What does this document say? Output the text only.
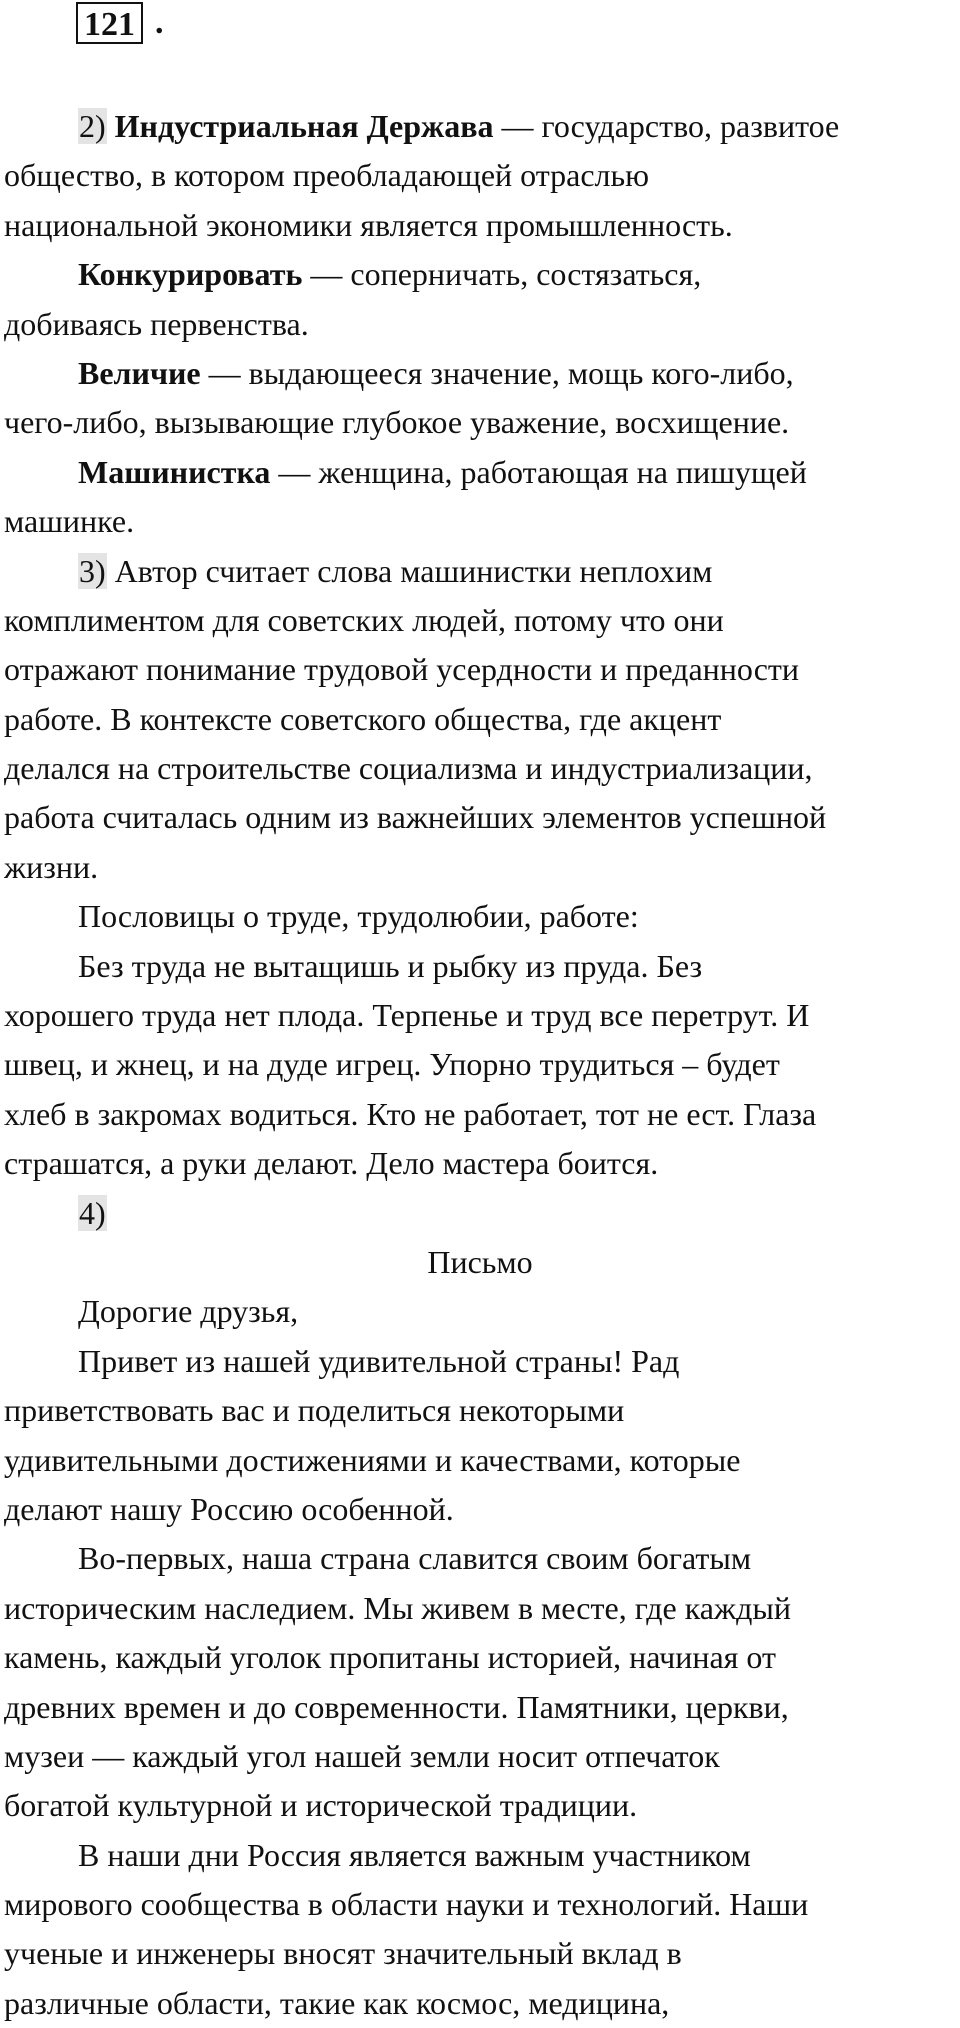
121 .
2) Индустриальная Держава — государство, развитое
общество, в котором преобладающей отраслью
национальной экономики является промышленность.
Конкурировать — соперничать, состязаться,
добиваясь первенства.
Величие — выдающееся значение, мощь кого-либо,
чего-либо, вызывающие глубокое уважение, восхищение.
Машинистка — женщина, работающая на пишущей
машинке.
3) Автор считает слова машинистки неплохим
комплиментом для советских людей, потому что они
отражают понимание трудовой усердности и преданности
работе. В контексте советского общества, где акцент
делался на строительстве социализма и индустриализации,
работа считалась одним из важнейших элементов успешной
жизни.
Пословицы о труде, трудолюбии, работе:
Без труда не вытащишь и рыбку из пруда. Без
хорошего труда нет плода. Терпенье и труд все перетрут. И
швец, и жнец, и на дуде игрец. Упорно трудиться – будет
хлеб в закромах водиться. Кто не работает, тот не ест. Глаза
страшатся, а руки делают. Дело мастера боится.
4)
Письмо
Дорогие друзья,
Привет из нашей удивительной страны! Рад
приветствовать вас и поделиться некоторыми
удивительными достижениями и качествами, которые
делают нашу Россию особенной.
Во-первых, наша страна славится своим богатым
историческим наследием. Мы живем в месте, где каждый
камень, каждый уголок пропитаны историей, начиная от
древних времен и до современности. Памятники, церкви,
музеи — каждый угол нашей земли носит отпечаток
богатой культурной и исторической традиции.
В наши дни Россия является важным участником
мирового сообщества в области науки и технологий. Наши
ученые и инженеры вносят значительный вклад в
различные области, такие как космос, медицина,
